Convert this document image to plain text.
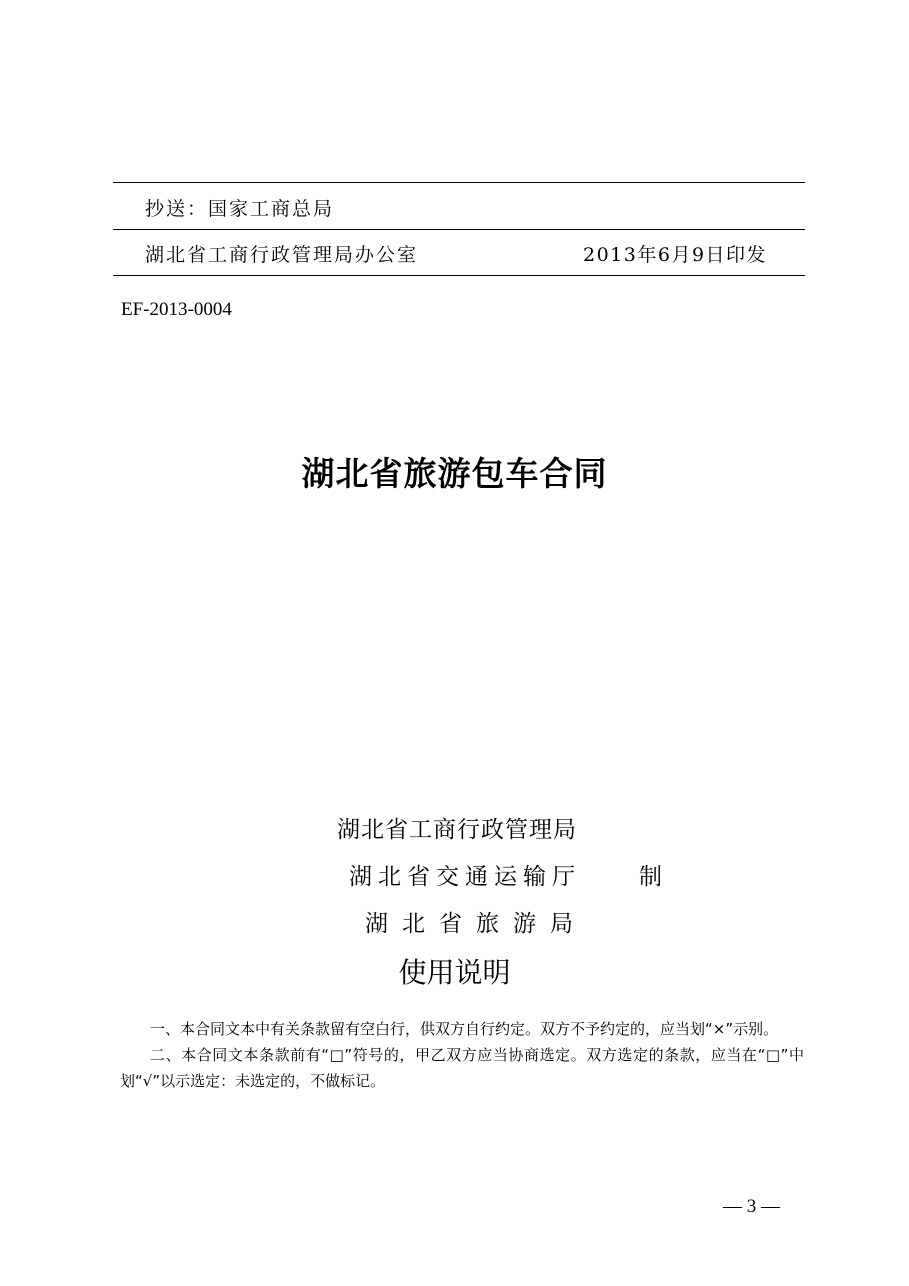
抄送：国家工商总局
湖北省工商行政管理局办公室	2013年6月9日印发
EF-2013-0004
湖北省旅游包车合同
湖北省工商行政管理局
湖北省交通运输厅	制
湖北省旅游局
使用说明

一、本合同文本中有关条款留有空白行，供双方自行约定。双方不予约定的，应当划“×”示别。

二、本合同文本条款前有“□”符号的，甲乙双方应当协商选定。双方选定的条款，应当在“□”中划“√”以示选定：未选定的，不做标记。

— 3 —
